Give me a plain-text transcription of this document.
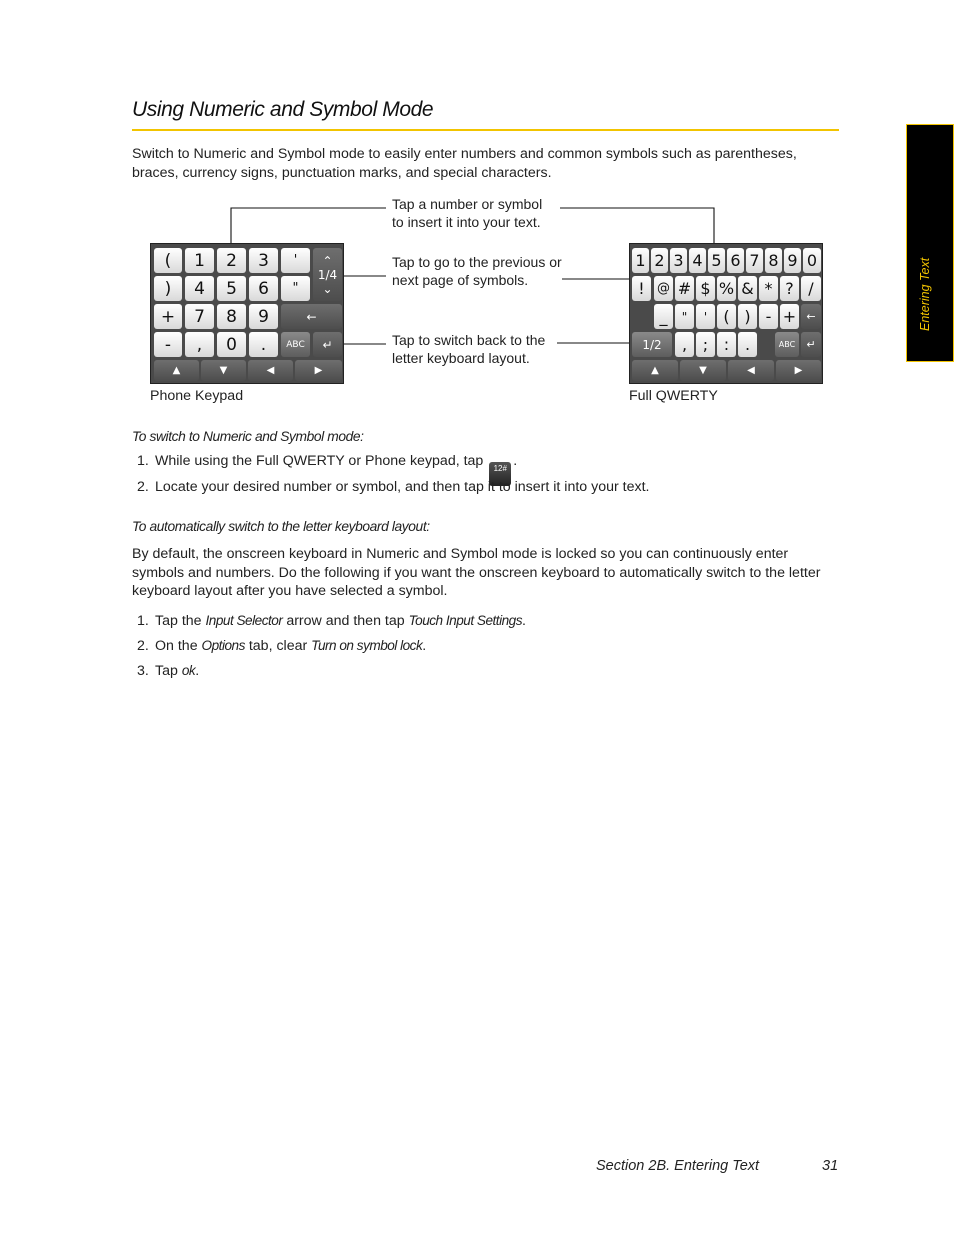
Using Numeric and Symbol Mode
Switch to Numeric and Symbol mode to easily enter numbers and common symbols such as parentheses, braces, currency signs, punctuation marks, and special characters.
Entering Text
Tap a number or symbol
to insert it into your text.
Tap to go to the previous or
next page of symbols.
Tap to switch back to the
letter keyboard layout.
(	1	2	3	'
)	4	5	6	"
⌃
1/4
⌄
+	7	8	9	←
-	,	0	.	ABC	↵
▲	▼	◀	▶
1 2 3 4 5 6 7 8 9 0
! @ # $ % & * ? /
_	"	'	( ) - + ←
1/2	, ; : .	ABC	↵
▲	▼	◀	▶
Phone Keypad	Full QWERTY
To switch to Numeric and Symbol mode:
1. While using the Full QWERTY or Phone keypad, tap 12# .
2. Locate your desired number or symbol, and then tap it to insert it into your text.
To automatically switch to the letter keyboard layout:
By default, the onscreen keyboard in Numeric and Symbol mode is locked so you can continuously enter symbols and numbers. Do the following if you want the onscreen keyboard to automatically switch to the letter keyboard layout after you have selected a symbol.
1. Tap the Input Selector arrow and then tap Touch Input Settings.
2. On the Options tab, clear Turn on symbol lock.
3. Tap ok.
Section 2B. Entering Text	31
